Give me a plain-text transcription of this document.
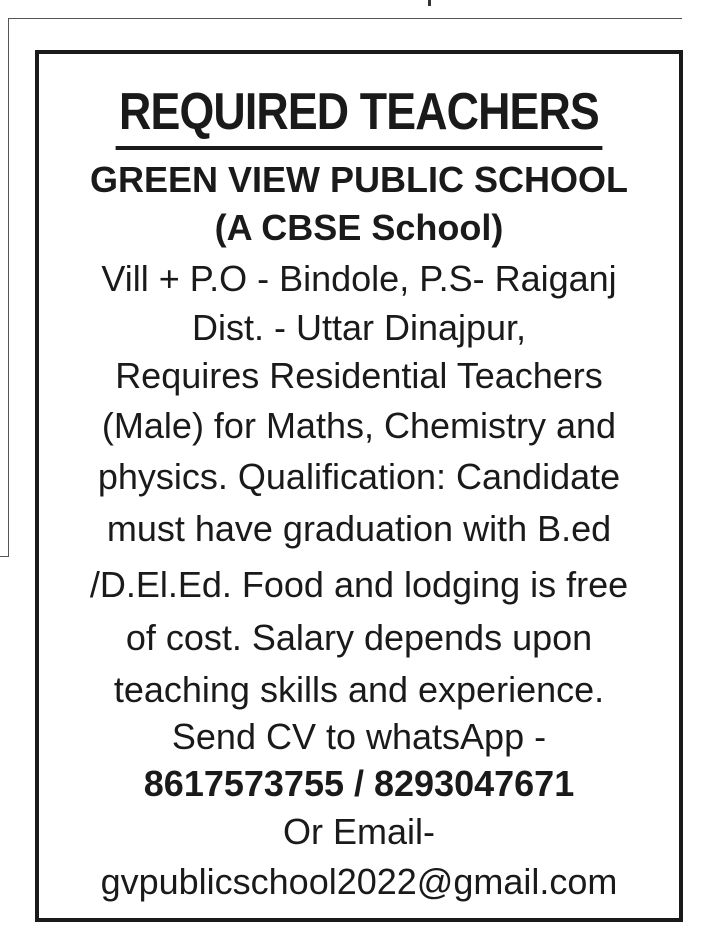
REQUIRED TEACHERS
GREEN VIEW PUBLIC SCHOOL
(A CBSE School)
Vill + P.O - Bindole, P.S- Raiganj
Dist. - Uttar Dinajpur,
Requires Residential Teachers
(Male) for Maths, Chemistry and
physics. Qualification: Candidate
must have graduation with B.ed
/D.El.Ed. Food and lodging is free
of cost. Salary depends upon
teaching skills and experience.
Send CV to whatsApp -
8617573755 / 8293047671
Or Email-
gvpublicschool2022@gmail.com
